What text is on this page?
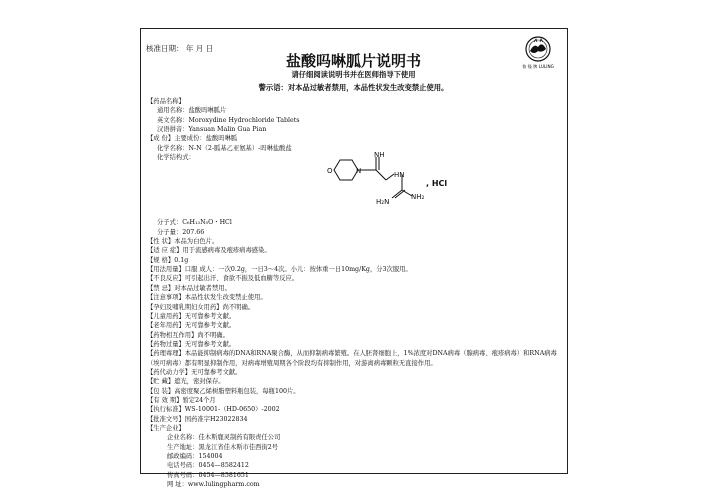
核准日期： 年 月 日
盐酸吗啉胍片说明书
请仔细阅读说明书并在医师指导下使用
警示语：对本品过敏者禁用，本品性状发生改变禁止使用。
鲁 隆 牌 LULING
【药品名称】
通用名称：盐酸吗啉胍片
英文名称：Moroxydine Hydrochloride Tablets
汉语拼音：Yansuan Malin Gua Pian
【成 份】主要成份：盐酸吗啉胍
化学名称：N-N（2-胍基乙亚氨基）-吗啉盐酸盐
化学结构式：
分子式：C₆H₁₃N₅O・HCl
分子量：207.66
【性 状】本品为白色片。
【适 应 症】用于流感病毒及疱疹病毒感染。
【规 格】0.1g
【用法用量】口服 成人：一次0.2g，一日3～4次。小儿：按体重一日10mg/Kg，分3次服用。
【不良反应】可引起出汗、食欲不振及低血糖等反应。
【禁 忌】对本品过敏者禁用。
【注意事项】本品性状发生改变禁止使用。
【孕妇及哺乳期妇女用药】尚不明确。
【儿童用药】无可靠参考文献。
【老年用药】无可靠参考文献。
【药物相互作用】尚不明确。
【药物过量】无可靠参考文献。
【药理毒理】本品能抑制病毒的DNA和RNA聚合酶，从而抑制病毒繁殖。在人胚肾细胞上，1%浓度对DNA病毒（腺病毒、疱疹病毒）和RNA病毒（埃可病毒）都有明显抑制作用，对病毒增殖周期各个阶段均有抑制作用，对游离病毒颗粒无直接作用。
【药代动力学】无可靠参考文献。
【贮 藏】遮光，密封保存。
【包 装】高密度聚乙烯树脂塑料瓶包装，每瓶100片。
【有 效 期】暂定24个月
【执行标准】WS-10001-（HD-0650）-2002
【批准文号】国药准字H23022834
【生产企业】
企业名称：佳木斯鹿灵制药有限责任公司
生产地址：黑龙江省佳木斯市佳西街2号
邮政编码：154004
电话号码：0454—8582412
传真号码：0454—8581651
网 址：www.lulingpharm.com
O	N
NH
HN
NH₂
H₂N
, HCl
